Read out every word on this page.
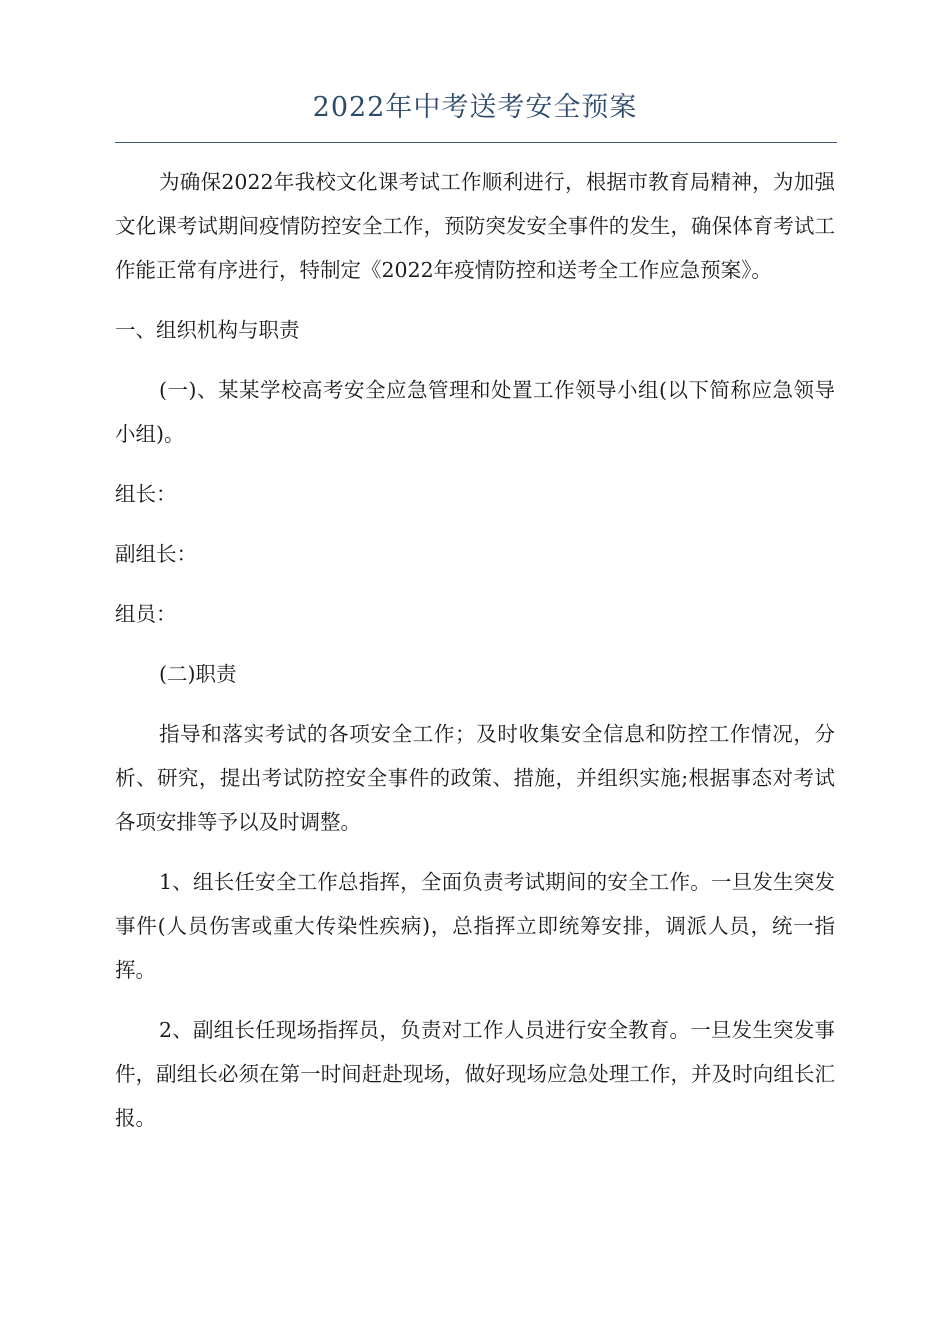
2022年中考送考安全预案

为确保2022年我校文化课考试工作顺利进行，根据市教育局精神，为加强文化课考试期间疫情防控安全工作，预防突发安全事件的发生，确保体育考试工作能正常有序进行，特制定《2022年疫情防控和送考全工作应急预案》。

一、组织机构与职责

(一)、某某学校高考安全应急管理和处置工作领导小组(以下简称应急领导小组)。

组长：

副组长：

组员：

(二)职责

指导和落实考试的各项安全工作；及时收集安全信息和防控工作情况，分析、研究，提出考试防控安全事件的政策、措施，并组织实施;根据事态对考试各项安排等予以及时调整。

1、组长任安全工作总指挥，全面负责考试期间的安全工作。一旦发生突发事件(人员伤害或重大传染性疾病)，总指挥立即统筹安排，调派人员，统一指挥。

2、副组长任现场指挥员，负责对工作人员进行安全教育。一旦发生突发事件，副组长必须在第一时间赶赴现场，做好现场应急处理工作，并及时向组长汇报。
